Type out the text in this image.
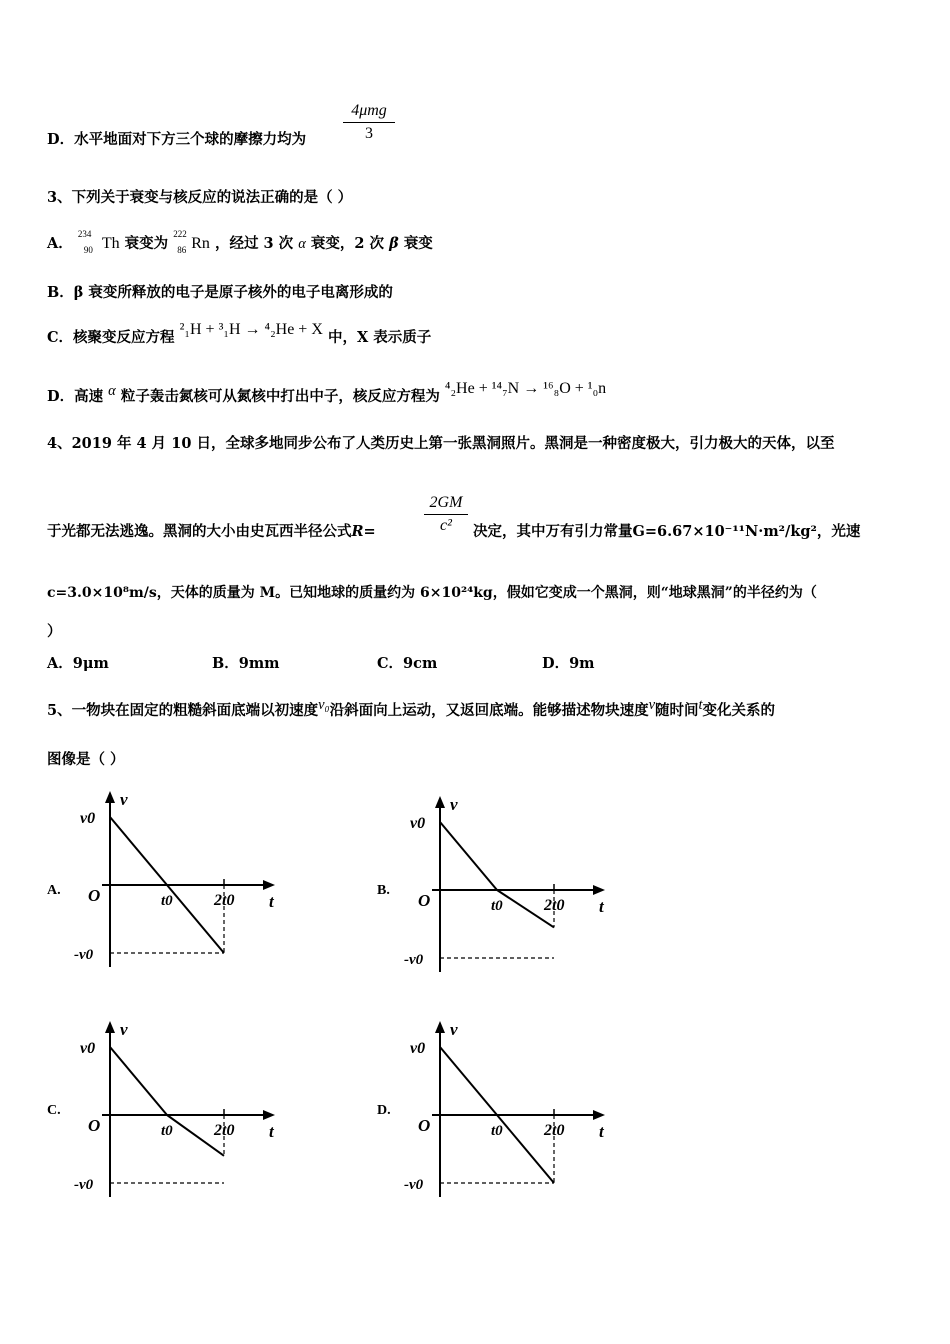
D．水平地面对下方三个球的摩擦力均为
4μmg
3
3、下列关于衰变与核反应的说法正确的是（ ）
A．
234
90 Th 衰变为
222
86 Rn ，经过 3 次 α 衰变，2 次 β 衰变
B．β 衰变所释放的电子是原子核外的电子电离形成的
C．核聚变反应方程 ²₁H + ³₁H → ⁴₂He + X 中，X 表示质子
D．高速 α 粒子轰击氮核可从氮核中打出中子，核反应方程为 ⁴₂He + ¹⁴₇N → ¹⁶₈O + ¹₀n
4、2019 年 4 月 10 日，全球多地同步公布了人类历史上第一张黑洞照片。黑洞是一种密度极大，引力极大的天体，以至
于光都无法逃逸。黑洞的大小由史瓦西半径公式R=
2GM
c²	决定，其中万有引力常量G=6.67×10⁻¹¹N·m²/kg²，光速
c=3.0×10⁸m/s，天体的质量为 M。已知地球的质量约为 6×10²⁴kg，假如它变成一个黑洞，则“地球黑洞”的半径约为（
）
A．9μm	B．9mm	C．9cm	D．9m
5、一物块在固定的粗糙斜面底端以初速度v₀沿斜面向上运动，又返回底端。能够描述物块速度v随时间t变化关系的
图像是（ ）
A.	B.
C.	D.
v
v0
O	t0	2t0 t
-v0
v
v0
O	t0	2t0 t
-v0
v
v0
O	t0	2t0 t
-v0
v
v0
O	t0	2t0 t
-v0
